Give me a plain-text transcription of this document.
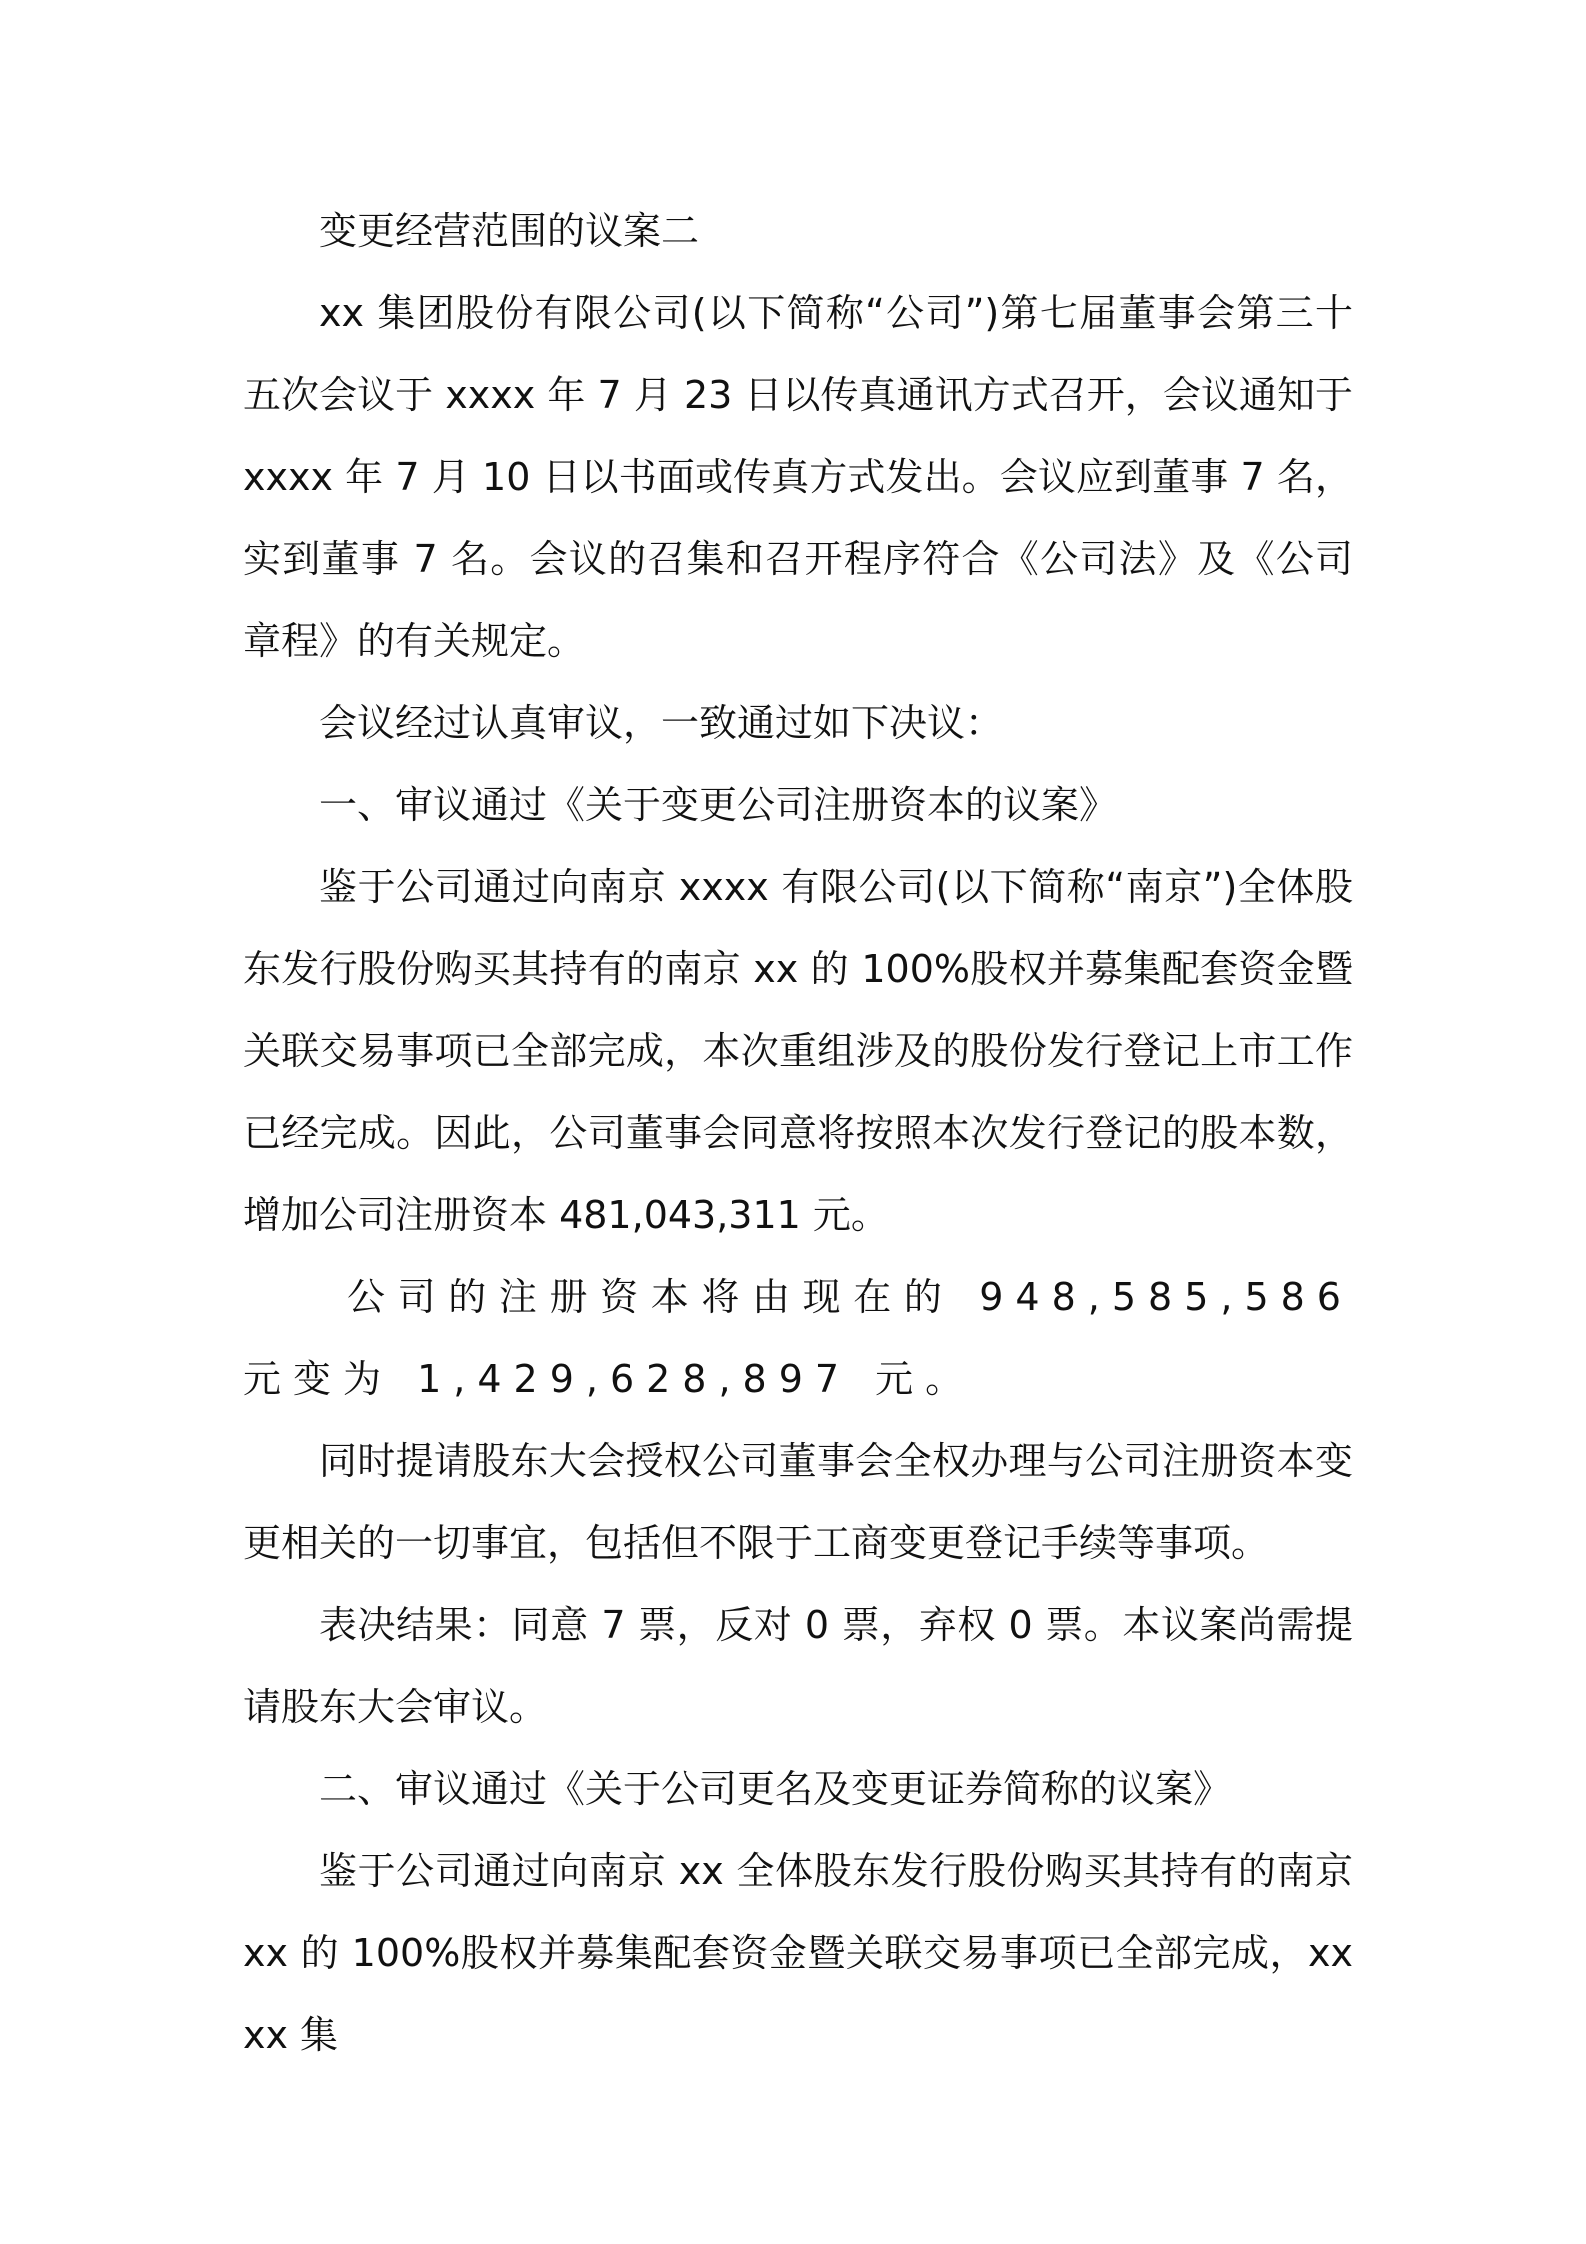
变更经营范围的议案二

xx 集团股份有限公司(以下简称“公司”)第七届董事会第三十五次会议于 xxxx 年 7 月 23 日以传真通讯方式召开，会议通知于 xxxx 年 7 月 10 日以书面或传真方式发出。会议应到董事 7 名，实到董事 7 名。会议的召集和召开程序符合《公司法》及《公司章程》的有关规定。

会议经过认真审议，一致通过如下决议：

一、审议通过《关于变更公司注册资本的议案》

鉴于公司通过向南京 xxxx 有限公司(以下简称“南京”)全体股东发行股份购买其持有的南京 xx 的 100%股权并募集配套资金暨关联交易事项已全部完成，本次重组涉及的股份发行登记上市工作已经完成。因此，公司董事会同意将按照本次发行登记的股本数，增加公司注册资本 481,043,311 元。

公司的注册资本将由现在的 948,585,586 元变为 1,429,628,897 元。

同时提请股东大会授权公司董事会全权办理与公司注册资本变更相关的一切事宜，包括但不限于工商变更登记手续等事项。

表决结果：同意 7 票，反对 0 票，弃权 0 票。本议案尚需提请股东大会审议。

二、审议通过《关于公司更名及变更证券简称的议案》

鉴于公司通过向南京 xx 全体股东发行股份购买其持有的南京 xx 的 100%股权并募集配套资金暨关联交易事项已全部完成，xxxx 集
